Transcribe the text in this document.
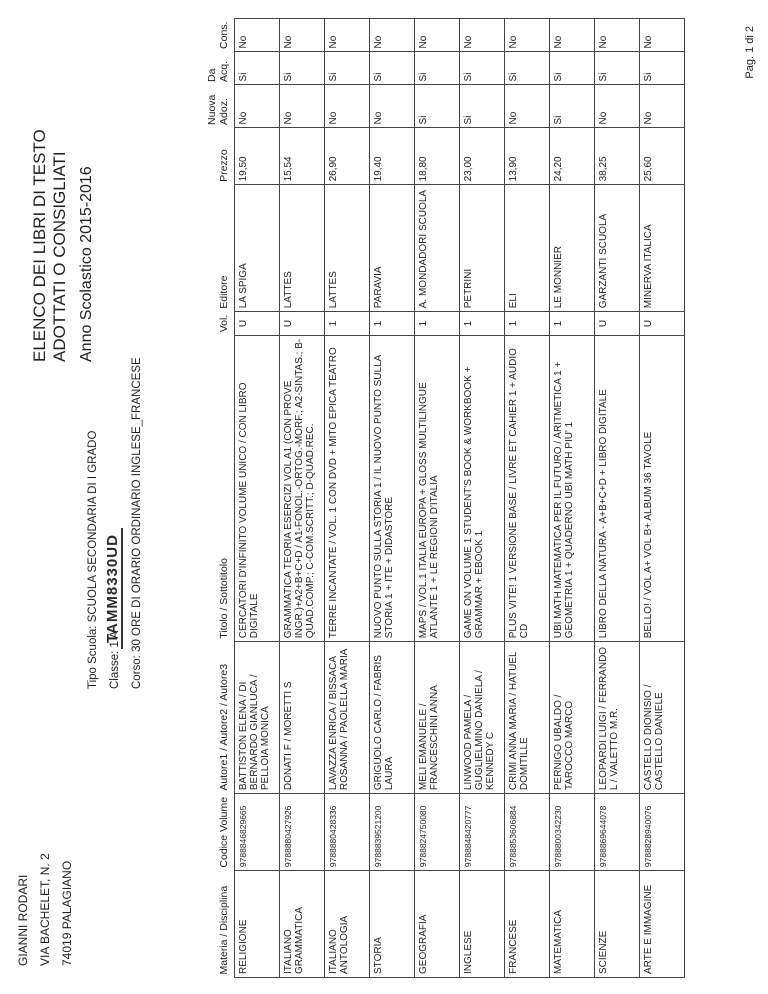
GIANNI RODARI VIA BACHELET, N. 2 74019 PALAGIANO
TAMM8330UD
Tipo Scuola: SCUOLA SECONDARIA DI I GRADO Classe: 1 A Corso: 30 ORE DI ORARIO ORDINARIO INGLESE_FRANCESE
ELENCO DEI LIBRI DI TESTO ADOTTATI O CONSIGLIATI Anno Scolastico 2015-2016
Materia / Disciplina	Codice Volume	Autore1 / Autore2 / Autore3	Titolo / Sottotitolo	Vol.	Editore	Prezzo	Nuova Adoz.	Da Acq.	Cons.
RELIGIONE	9788846829665	BATTISTON ELENA / DI BERNARDO GIANLUCA / PELLOIA MONICA	CERCATORI D'INFINITO VOLUME UNICO / CON LIBRO DIGITALE	U	LA SPIGA	19,50	No	Si	No
ITALIANO GRAMMATICA	9788880427926	DONATI F / MORETTI S	GRAMMATICA TEORIA ESERCIZI VOL A1 (CON PROVE INGR.)+A2+B+C+D / A1-FONOL.-ORTOG.-MORF.; A2-SINTAS.; B-QUAD.COMP.; C-COM.SCRITT.; D-QUAD.REC.	U	LATTES	15,54	No	Si	No
ITALIANO ANTOLOGIA	9788880428336	LAVAZZA ENRICA / BISSACA ROSANNA / PAOLELLA MARIA	TERRE INCANTATE / VOL. 1 CON DVD + MITO EPICA TEATRO	1	LATTES	26,90	No	Si	No
STORIA	9788839521200	GRIGUOLO CARLO / FABRIS LAURA	NUOVO PUNTO SULLA STORIA 1 / IL NUOVO PUNTO SULLA STORIA 1 + ITE + DIDASTORE	1	PARAVIA	19,40	No	Si	No
GEOGRAFIA	9788824750080	MELI EMANUELE / FRANCESCHINI ANNA	MAPS / VOL.1 ITALIA EUROPA + GLOSS MULTILINGUE ATLANTE 1 + LE REGIONI D'ITALIA	1	A. MONDADORI SCUOLA	18,80	Si	Si	No
INGLESE	9788848420777	LINWOOD PAMELA / GUGLIELMINO DANIELA / KENNEDY C	GAME ON VOLUME 1 STUDENT'S BOOK & WORKBOOK + GRAMMAR + EBOOK 1	1	PETRINI	23,00	Si	Si	No
FRANCESE	9788853606884	CRIMI ANNA MARIA / HATUEL DOMITILLE	PLUS VITE! 1 VERSIONE BASE / LIVRE ET CAHIER 1 + AUDIO CD	1	ELI	13,90	No	Si	No
MATEMATICA	9788800342230	PERNIGO UBALDO / TAROCCO MARCO	UBI MATH MATEMATICA PER IL FUTURO / ARITMETICA 1 + GEOMETRIA 1 + QUADERNO UBI MATH PIU' 1	1	LE MONNIER	24,20	Si	Si	No
SCIENZE	9788869644078	LEOPARDI LUIGI / FERRANDO L / VALETTO M.R.	LIBRO DELLA NATURA - A+B+C+D + LIBRO DIGITALE	U	GARZANTI SCUOLA	38,25	No	Si	No
ARTE E IMMAGINE	9788828940076	CASTELLO DIONISIO / CASTELLO DANIELE	BELLO! / VOL A+ VOL B+ ALBUM 36 TAVOLE	U	MINERVA ITALICA	25,60	No	Si	No	Pag. 1 di 2
